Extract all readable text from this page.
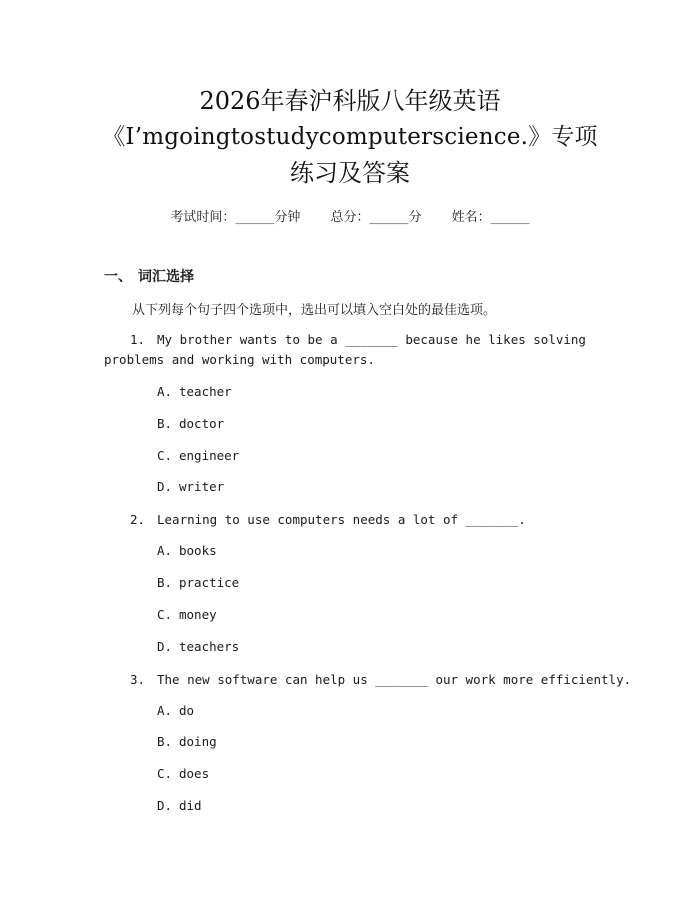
2026年春沪科版八年级英语
《I’mgoingtostudycomputerscience.》专项
练习及答案
考试时间：______分钟 总分：______分 姓名：______
一、 词汇选择
从下列每个句子四个选项中，选出可以填入空白处的最佳选项。
1. My brother wants to be a _______ because he likes solving
problems and working with computers.
A. teacher
B. doctor
C. engineer
D. writer
2. Learning to use computers needs a lot of _______.
A. books
B. practice
C. money
D. teachers
3. The new software can help us _______ our work more efficiently.
A. do
B. doing
C. does
D. did
